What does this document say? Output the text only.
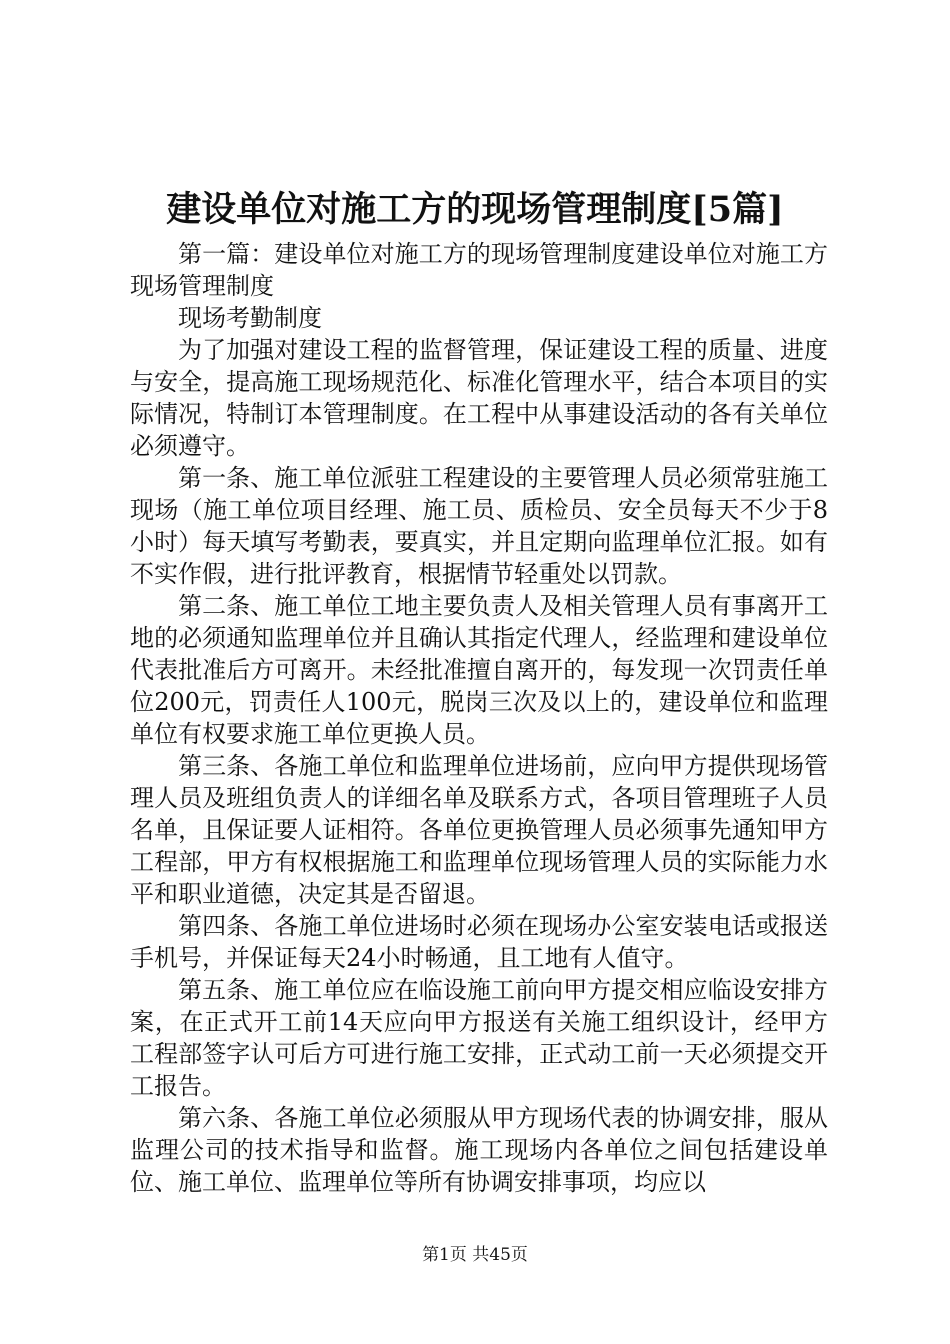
建设单位对施工方的现场管理制度[5篇]

第一篇：建设单位对施工方的现场管理制度建设单位对施工方现场管理制度

现场考勤制度

为了加强对建设工程的监督管理，保证建设工程的质量、进度与安全，提高施工现场规范化、标准化管理水平，结合本项目的实际情况，特制订本管理制度。在工程中从事建设活动的各有关单位必须遵守。

第一条、施工单位派驻工程建设的主要管理人员必须常驻施工现场（施工单位项目经理、施工员、质检员、安全员每天不少于8小时）每天填写考勤表，要真实，并且定期向监理单位汇报。如有不实作假，进行批评教育，根据情节轻重处以罚款。

第二条、施工单位工地主要负责人及相关管理人员有事离开工地的必须通知监理单位并且确认其指定代理人，经监理和建设单位代表批准后方可离开。未经批准擅自离开的，每发现一次罚责任单位200元，罚责任人100元，脱岗三次及以上的，建设单位和监理单位有权要求施工单位更换人员。

第三条、各施工单位和监理单位进场前，应向甲方提供现场管理人员及班组负责人的详细名单及联系方式，各项目管理班子人员名单，且保证要人证相符。各单位更换管理人员必须事先通知甲方工程部，甲方有权根据施工和监理单位现场管理人员的实际能力水平和职业道德，决定其是否留退。

第四条、各施工单位进场时必须在现场办公室安装电话或报送手机号，并保证每天24小时畅通，且工地有人值守。

第五条、施工单位应在临设施工前向甲方提交相应临设安排方案，在正式开工前14天应向甲方报送有关施工组织设计，经甲方工程部签字认可后方可进行施工安排，正式动工前一天必须提交开工报告。

第六条、各施工单位必须服从甲方现场代表的协调安排，服从监理公司的技术指导和监督。施工现场内各单位之间包括建设单位、施工单位、监理单位等所有协调安排事项，均应以

第1页 共45页
